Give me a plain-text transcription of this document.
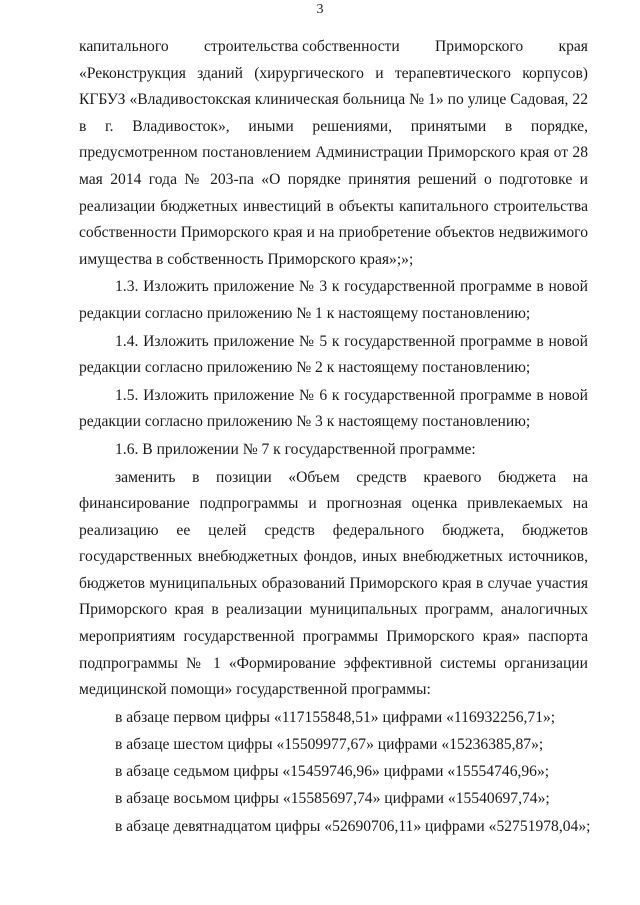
3
капитального строительства собственности Приморского края

«Реконструкция зданий (хирургического и терапевтического корпусов) КГБУЗ «Владивостокская клиническая больница № 1» по улице Садовая, 22 в г. Владивосток», иными решениями, принятыми в порядке, предусмотренном постановлением Администрации Приморского края от 28 мая 2014 года № 203-па «О порядке принятия решений о подготовке и реализации бюджетных инвестиций в объекты капитального строительства собственности Приморского края и на приобретение объектов недвижимого имущества в собственность Приморского края»;»;

1.3. Изложить приложение № 3 к государственной программе в новой редакции согласно приложению № 1 к настоящему постановлению;

1.4. Изложить приложение № 5 к государственной программе в новой редакции согласно приложению № 2 к настоящему постановлению;

1.5. Изложить приложение № 6 к государственной программе в новой редакции согласно приложению № 3 к настоящему постановлению;

1.6. В приложении № 7 к государственной программе:

заменить в позиции «Объем средств краевого бюджета на финансирование подпрограммы и прогнозная оценка привлекаемых на реализацию ее целей средств федерального бюджета, бюджетов государственных внебюджетных фондов, иных внебюджетных источников, бюджетов муниципальных образований Приморского края в случае участия Приморского края в реализации муниципальных программ, аналогичных мероприятиям государственной программы Приморского края» паспорта подпрограммы № 1 «Формирование эффективной системы организации медицинской помощи» государственной программы:

в абзаце первом цифры «117155848,51» цифрами «116932256,71»;

в абзаце шестом цифры «15509977,67» цифрами «15236385,87»;

в абзаце седьмом цифры «15459746,96» цифрами «15554746,96»;

в абзаце восьмом цифры «15585697,74» цифрами «15540697,74»;

в абзаце девятнадцатом цифры «52690706,11» цифрами «52751978,04»;
